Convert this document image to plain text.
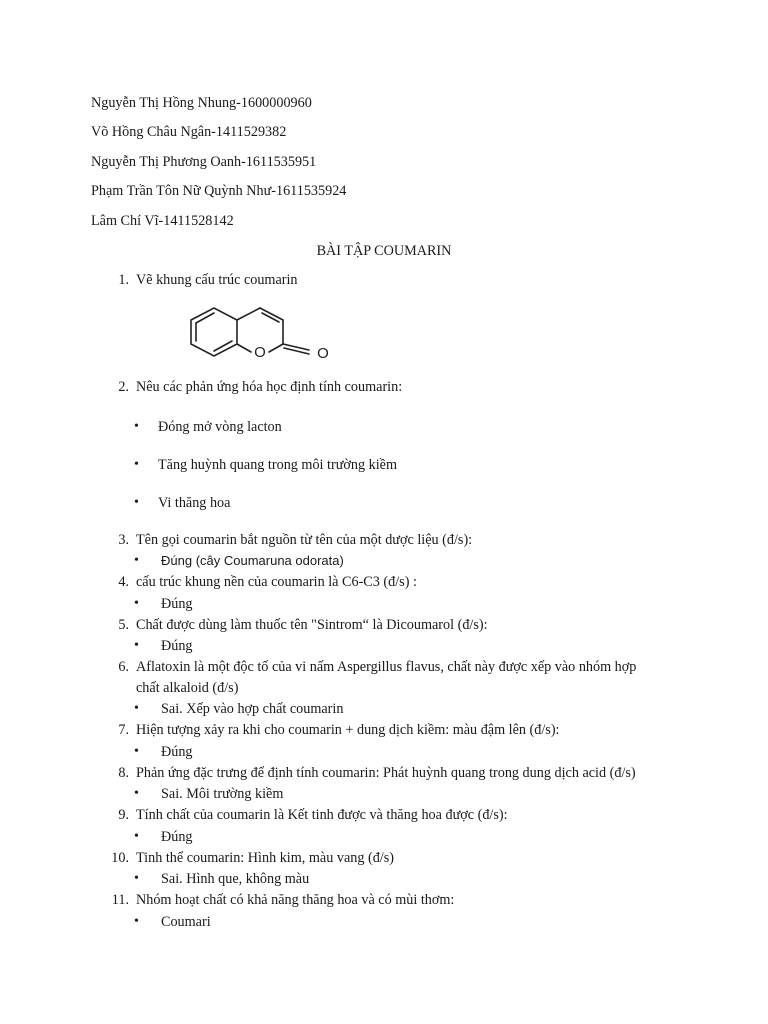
Nguyễn Thị Hồng Nhung-1600000960
Võ Hồng Châu Ngân-1411529382
Nguyễn Thị Phương Oanh-1611535951
Phạm Trần Tôn Nữ Quỳnh Như-1611535924
Lâm Chí Vĩ-1411528142
BÀI TẬP COUMARIN
1. Vẽ khung cấu trúc coumarin
O	O
2. Nêu các phản ứng hóa học định tính coumarin:
• Đóng mở vòng lacton
• Tăng huỳnh quang trong môi trường kiềm
• Vi thăng hoa
3. Tên gọi coumarin bắt nguồn từ tên của một dược liệu (đ/s):
• Đúng (cây Coumaruna odorata)
4. cấu trúc khung nền của coumarin là C6-C3 (đ/s) :
• Đúng
5. Chất được dùng làm thuốc tên "Sintrom“ là Dicoumarol (đ/s):
• Đúng
6. Aflatoxin là một độc tố của vi nấm Aspergillus flavus, chất này được xếp vào nhóm hợp
chất alkaloid (đ/s)
• Sai. Xếp vào hợp chất coumarin
7. Hiện tượng xảy ra khi cho coumarin + dung dịch kiềm: màu đậm lên (đ/s):
• Đúng
8. Phản ứng đặc trưng để định tính coumarin: Phát huỳnh quang trong dung dịch acid (đ/s)
• Sai. Môi trường kiềm
9. Tính chất của coumarin là Kết tinh được và thăng hoa được (đ/s):
• Đúng
10. Tinh thể coumarin: Hình kim, màu vang (đ/s)
• Sai. Hình que, không màu
11. Nhóm hoạt chất có khả năng thăng hoa và có mùi thơm:
• Coumari
